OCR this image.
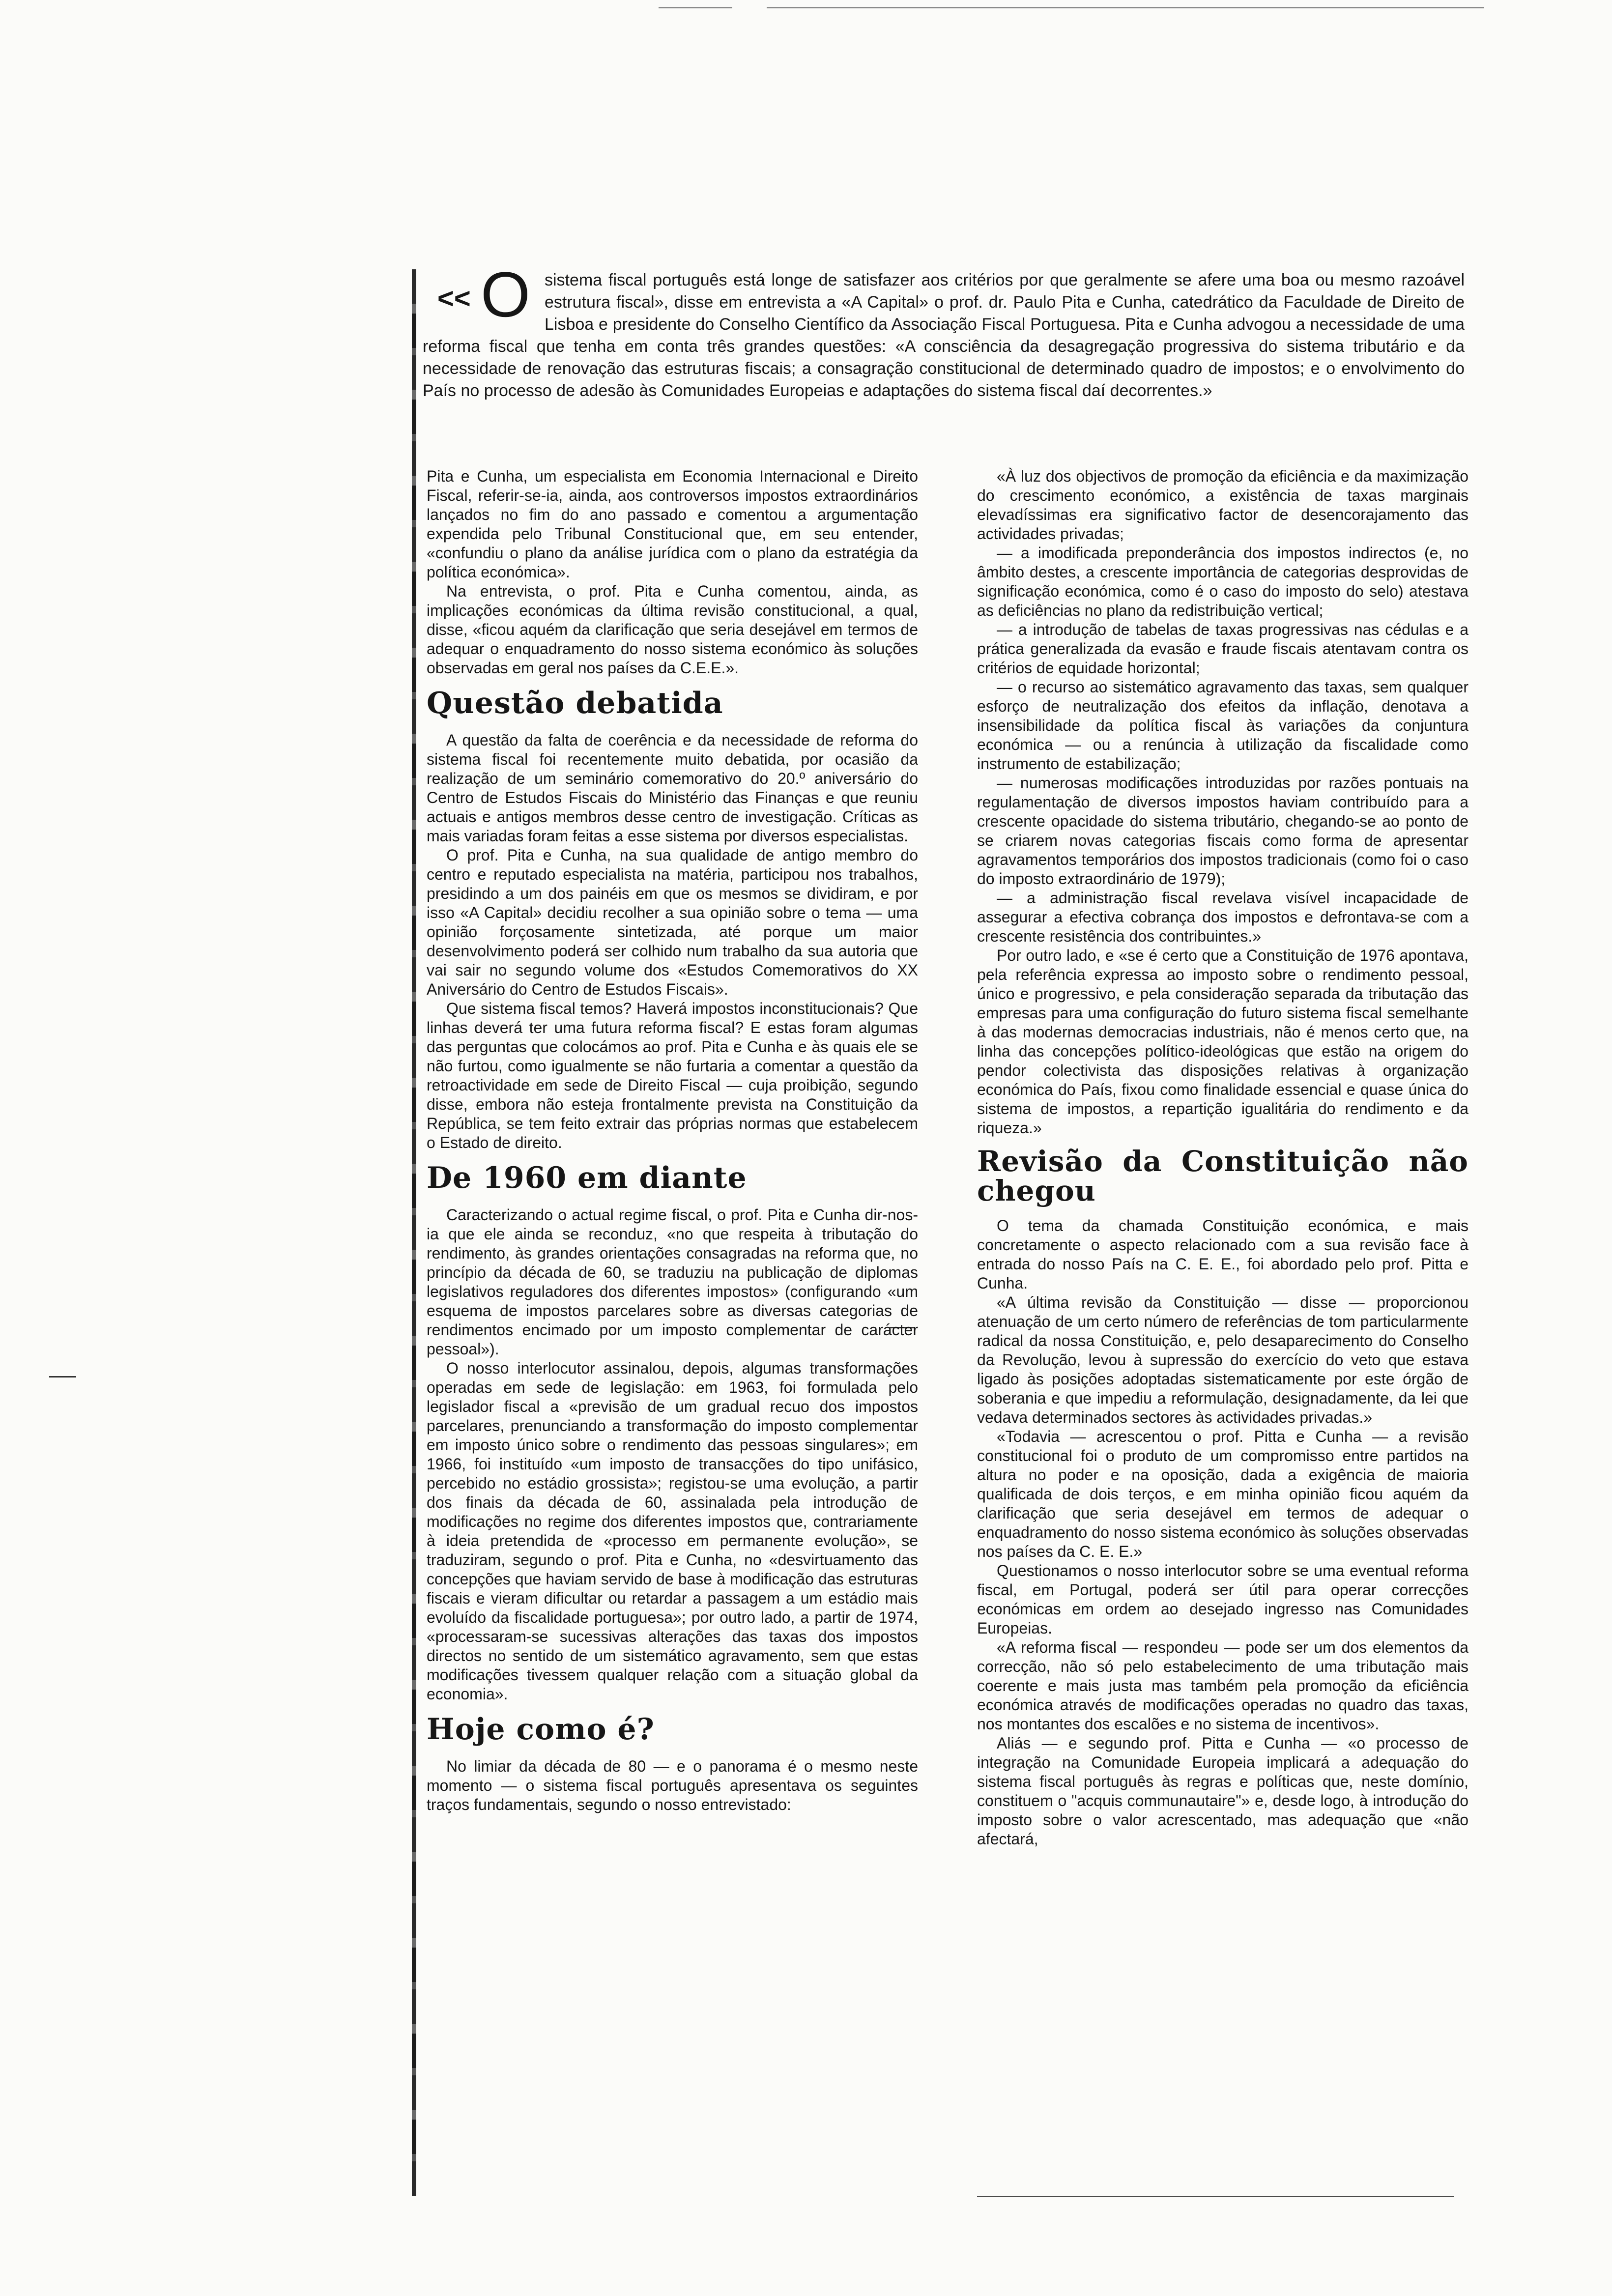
<< O sistema fiscal português está longe de satisfazer aos critérios por que geralmente se afere uma boa ou mesmo razoável estrutura fiscal», disse em entrevista a «A Capital» o prof. dr. Paulo Pita e Cunha, catedrático da Faculdade de Direito de Lisboa e presidente do Conselho Científico da Associação Fiscal Portuguesa. Pita e Cunha advogou a necessidade de uma reforma fiscal que tenha em conta três grandes questões: «A consciência da desagregação progressiva do sistema tributário e da necessidade de renovação das estruturas fiscais; a consagração constitucional de determinado quadro de impostos; e o envolvimento do País no processo de adesão às Comunidades Europeias e adaptações do sistema fiscal daí decorrentes.»

Pita e Cunha, um especialista em Economia Internacional e Direito Fiscal, referir-se-ia, ainda, aos controversos impostos extraordinários lançados no fim do ano passado e comentou a argumentação expendida pelo Tribunal Constitucional que, em seu entender, «confundiu o plano da análise jurídica com o plano da estratégia da política económica».

Na entrevista, o prof. Pita e Cunha comentou, ainda, as implicações económicas da última revisão constitucional, a qual, disse, «ficou aquém da clarificação que seria desejável em termos de adequar o enquadramento do nosso sistema económico às soluções observadas em geral nos países da C.E.E.».

Questão debatida

A questão da falta de coerência e da necessidade de reforma do sistema fiscal foi recentemente muito debatida, por ocasião da realização de um seminário comemorativo do 20.º aniversário do Centro de Estudos Fiscais do Ministério das Finanças e que reuniu actuais e antigos membros desse centro de investigação. Críticas as mais variadas foram feitas a esse sistema por diversos especialistas.

O prof. Pita e Cunha, na sua qualidade de antigo membro do centro e reputado especialista na matéria, participou nos trabalhos, presidindo a um dos painéis em que os mesmos se dividiram, e por isso «A Capital» decidiu recolher a sua opinião sobre o tema — uma opinião forçosamente sintetizada, até porque um maior desenvolvimento poderá ser colhido num trabalho da sua autoria que vai sair no segundo volume dos «Estudos Comemorativos do XX Aniversário do Centro de Estudos Fiscais».

Que sistema fiscal temos? Haverá impostos inconstitucionais? Que linhas deverá ter uma futura reforma fiscal? E estas foram algumas das perguntas que colocámos ao prof. Pita e Cunha e às quais ele se não furtou, como igualmente se não furtaria a comentar a questão da retroactividade em sede de Direito Fiscal — cuja proibição, segundo disse, embora não esteja frontalmente prevista na Constituição da República, se tem feito extrair das próprias normas que estabelecem o Estado de direito.

De 1960 em diante

Caracterizando o actual regime fiscal, o prof. Pita e Cunha dir-nos-ia que ele ainda se reconduz, «no que respeita à tributação do rendimento, às grandes orientações consagradas na reforma que, no princípio da década de 60, se traduziu na publicação de diplomas legislativos reguladores dos diferentes impostos» (configurando «um esquema de impostos parcelares sobre as diversas categorias de rendimentos encimado por um imposto complementar de carácter pessoal»).

O nosso interlocutor assinalou, depois, algumas transformações operadas em sede de legislação: em 1963, foi formulada pelo legislador fiscal a «previsão de um gradual recuo dos impostos parcelares, prenunciando a transformação do imposto complementar em imposto único sobre o rendimento das pessoas singulares»; em 1966, foi instituído «um imposto de transacções do tipo unifásico, percebido no estádio grossista»; registou-se uma evolução, a partir dos finais da década de 60, assinalada pela introdução de modificações no regime dos diferentes impostos que, contrariamente à ideia pretendida de «processo em permanente evolução», se traduziram, segundo o prof. Pita e Cunha, no «desvirtuamento das concepções que haviam servido de base à modificação das estruturas fiscais e vieram dificultar ou retardar a passagem a um estádio mais evoluído da fiscalidade portuguesa»; por outro lado, a partir de 1974, «processaram-se sucessivas alterações das taxas dos impostos directos no sentido de um sistemático agravamento, sem que estas modificações tivessem qualquer relação com a situação global da economia».

Hoje como é?

No limiar da década de 80 — e o panorama é o mesmo neste momento — o sistema fiscal português apresentava os seguintes traços fundamentais, segundo o nosso entrevistado:

«À luz dos objectivos de promoção da eficiência e da maximização do crescimento económico, a existência de taxas marginais elevadíssimas era significativo factor de desencorajamento das actividades privadas;

— a imodificada preponderância dos impostos indirectos (e, no âmbito destes, a crescente importância de categorias desprovidas de significação económica, como é o caso do imposto do selo) atestava as deficiências no plano da redistribuição vertical;

— a introdução de tabelas de taxas progressivas nas cédulas e a prática generalizada da evasão e fraude fiscais atentavam contra os critérios de equidade horizontal;

— o recurso ao sistemático agravamento das taxas, sem qualquer esforço de neutralização dos efeitos da inflação, denotava a insensibilidade da política fiscal às variações da conjuntura económica — ou a renúncia à utilização da fiscalidade como instrumento de estabilização;

— numerosas modificações introduzidas por razões pontuais na regulamentação de diversos impostos haviam contribuído para a crescente opacidade do sistema tributário, chegando-se ao ponto de se criarem novas categorias fiscais como forma de apresentar agravamentos temporários dos impostos tradicionais (como foi o caso do imposto extraordinário de 1979);

— a administração fiscal revelava visível incapacidade de assegurar a efectiva cobrança dos impostos e defrontava-se com a crescente resistência dos contribuintes.»

Por outro lado, e «se é certo que a Constituição de 1976 apontava, pela referência expressa ao imposto sobre o rendimento pessoal, único e progressivo, e pela consideração separada da tributação das empresas para uma configuração do futuro sistema fiscal semelhante à das modernas democracias industriais, não é menos certo que, na linha das concepções político-ideológicas que estão na origem do pendor colectivista das disposições relativas à organização económica do País, fixou como finalidade essencial e quase única do sistema de impostos, a repartição igualitária do rendimento e da riqueza.»

Revisão da Constituição não chegou

O tema da chamada Constituição económica, e mais concretamente o aspecto relacionado com a sua revisão face à entrada do nosso País na C. E. E., foi abordado pelo prof. Pitta e Cunha.

«A última revisão da Constituição — disse — proporcionou atenuação de um certo número de referências de tom particularmente radical da nossa Constituição, e, pelo desaparecimento do Conselho da Revolução, levou à supressão do exercício do veto que estava ligado às posições adoptadas sistematicamente por este órgão de soberania e que impediu a reformulação, designadamente, da lei que vedava determinados sectores às actividades privadas.»

«Todavia — acrescentou o prof. Pitta e Cunha — a revisão constitucional foi o produto de um compromisso entre partidos na altura no poder e na oposição, dada a exigência de maioria qualificada de dois terços, e em minha opinião ficou aquém da clarificação que seria desejável em termos de adequar o enquadramento do nosso sistema económico às soluções observadas nos países da C. E. E.»

Questionamos o nosso interlocutor sobre se uma eventual reforma fiscal, em Portugal, poderá ser útil para operar correcções económicas em ordem ao desejado ingresso nas Comunidades Europeias.

«A reforma fiscal — respondeu — pode ser um dos elementos da correcção, não só pelo estabelecimento de uma tributação mais coerente e mais justa mas também pela promoção da eficiência económica através de modificações operadas no quadro das taxas, nos montantes dos escalões e no sistema de incentivos».

Aliás — e segundo prof. Pitta e Cunha — «o processo de integração na Comunidade Europeia implicará a adequação do sistema fiscal português às regras e políticas que, neste domínio, constituem o "acquis communautaire"» e, desde logo, à introdução do imposto sobre o valor acrescentado, mas adequação que «não afectará,
